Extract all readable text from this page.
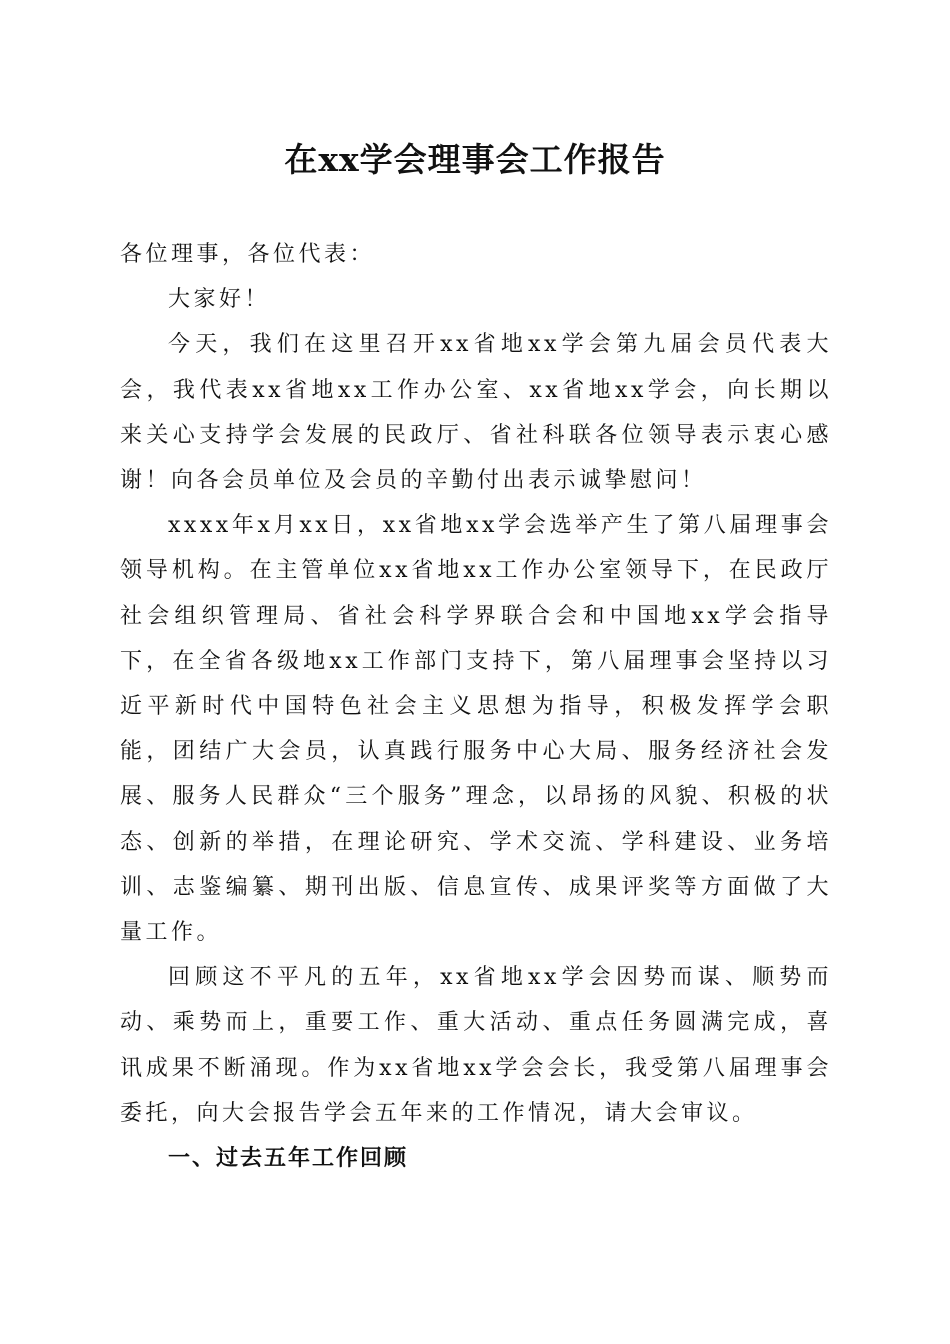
在xx学会理事会工作报告

各位理事，各位代表：

大家好！

今天，我们在这里召开xx省地xx学会第九届会员代表大会，我代表xx省地xx工作办公室、xx省地xx学会，向长期以来关心支持学会发展的民政厅、省社科联各位领导表示衷心感谢！向各会员单位及会员的辛勤付出表示诚挚慰问！

xxxx年x月xx日，xx省地xx学会选举产生了第八届理事会领导机构。在主管单位xx省地xx工作办公室领导下，在民政厅社会组织管理局、省社会科学界联合会和中国地xx学会指导下，在全省各级地xx工作部门支持下，第八届理事会坚持以习近平新时代中国特色社会主义思想为指导，积极发挥学会职能，团结广大会员，认真践行服务中心大局、服务经济社会发展、服务人民群众“三个服务”理念，以昂扬的风貌、积极的状态、创新的举措，在理论研究、学术交流、学科建设、业务培训、志鉴编纂、期刊出版、信息宣传、成果评奖等方面做了大量工作。

回顾这不平凡的五年，xx省地xx学会因势而谋、顺势而动、乘势而上，重要工作、重大活动、重点任务圆满完成，喜讯成果不断涌现。作为xx省地xx学会会长，我受第八届理事会委托，向大会报告学会五年来的工作情况，请大会审议。

一、过去五年工作回顾
